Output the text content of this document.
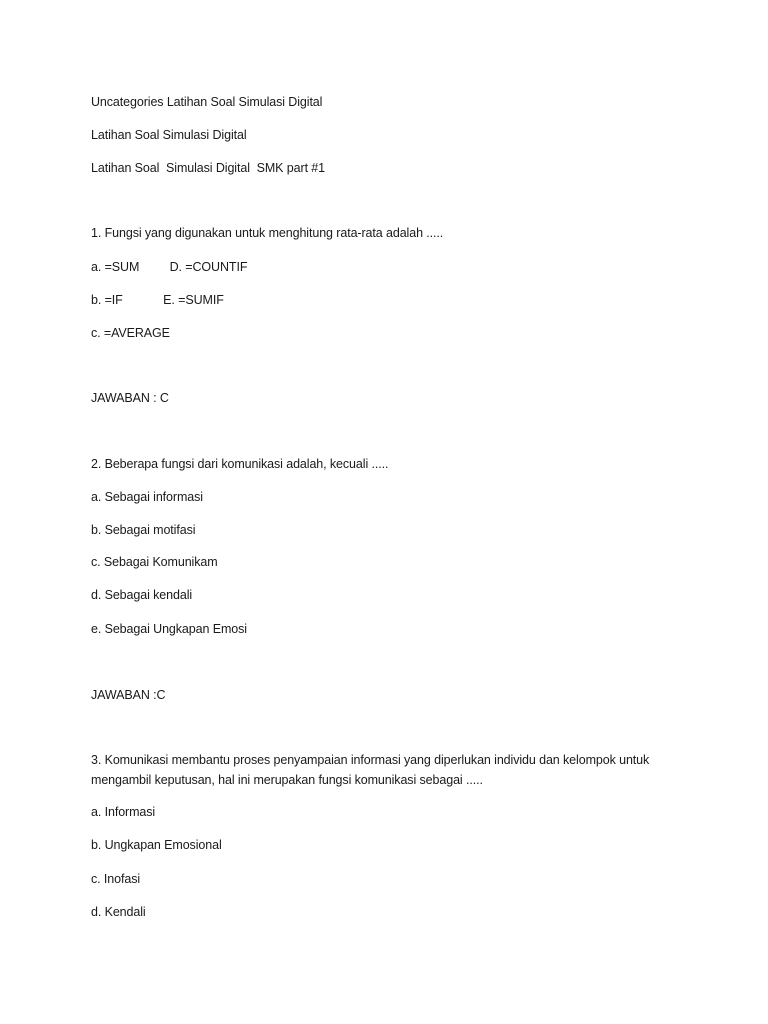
Uncategories Latihan Soal Simulasi Digital
Latihan Soal Simulasi Digital
Latihan Soal  Simulasi Digital  SMK part #1
1. Fungsi yang digunakan untuk menghitung rata-rata adalah .....
a. =SUM         D. =COUNTIF
b. =IF            E. =SUMIF
c. =AVERAGE
JAWABAN : C
2. Beberapa fungsi dari komunikasi adalah, kecuali .....
a. Sebagai informasi
b. Sebagai motifasi
c. Sebagai Komunikam
d. Sebagai kendali
e. Sebagai Ungkapan Emosi
JAWABAN :C
3. Komunikasi membantu proses penyampaian informasi yang diperlukan individu dan kelompok untuk mengambil keputusan, hal ini merupakan fungsi komunikasi sebagai .....
a. Informasi
b. Ungkapan Emosional
c. Inofasi
d. Kendali
